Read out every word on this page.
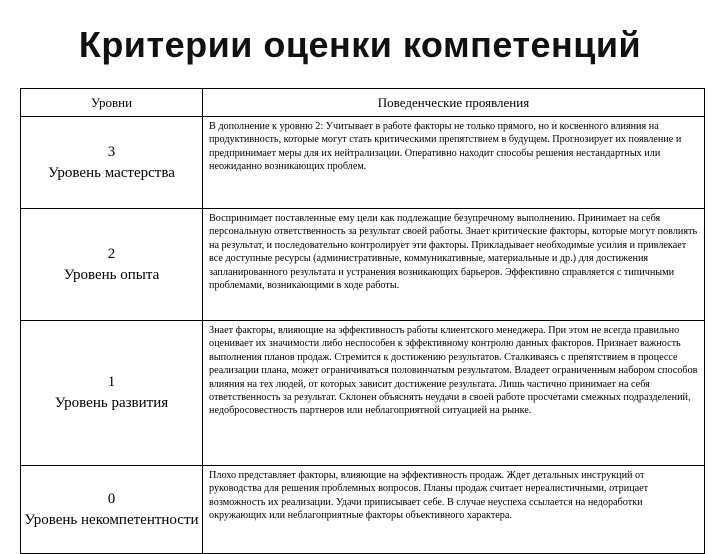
Критерии оценки компетенций
Уровни	Поведенческие проявления

3
Уровень мастерства	В дополнение к уровню 2: Учитывает в работе факторы не только прямого, но и косвенного влияния на продуктивность, которые могут стать критическими препятствием в будущем. Прогнозирует их появление и предпринимает меры для их нейтрализации. Оперативно находит способы решения нестандартных или неожиданно возникающих проблем.

2
Уровень опыта	Воспринимает поставленные ему цели как подлежащие безупречному выполнению. Принимает на себя персональную ответственность за результат своей работы. Знает критические факторы, которые могут повлиять на результат, и последовательно контролирует эти факторы. Прикладывает необходимые усилия и привлекает все доступные ресурсы (административные, коммуникативные, материальные и др.) для достижения запланированного результата и устранения возникающих барьеров. Эффективно справляется с типичными проблемами, возникающими в ходе работы.

1
Уровень развития	Знает факторы, влияющие на эффективность работы клиентского менеджера. При этом не всегда правильно оценивает их значимости либо неспособен к эффективному контролю данных факторов. Признает важность выполнения планов продаж. Стремится к достижению результатов. Сталкиваясь с препятствием в процессе реализации плана, может ограничиваться половинчатым результатом. Владеет ограниченным набором способов влияния на тех людей, от которых зависит достижение результата. Лишь частично принимает на себя ответственность за результат. Склонен объяснять неудачи в своей работе просчетами смежных подразделений, недобросовестность партнеров или неблагоприятной ситуацией на рынке.

0
Уровень некомпетентности	Плохо представляет факторы, влияющие на эффективность продаж. Ждет детальных инструкций от руководства для решения проблемных вопросов. Планы продаж считает нереалистичными, отрицает возможность их реализации. Удачи приписывает себе. В случае неуспеха ссылается на недоработки окружающих или неблагоприятные факторы объективного характера.
